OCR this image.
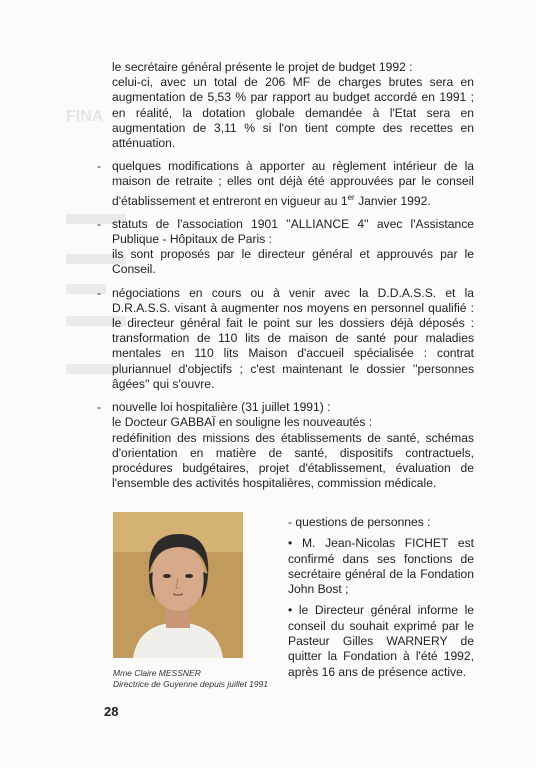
FINA

le secrétaire général présente le projet de budget 1992 :

celui-ci, avec un total de 206 MF de charges brutes sera en augmentation de 5,53 % par rapport au budget accordé en 1991 ; en réalité, la dotation globale demandée à l'Etat sera en augmentation de 3,11 % si l'on tient compte des recettes en atténuation.

- quelques modifications à apporter au règlement intérieur de la maison de retraite ; elles ont déjà été approuvées par le conseil d'établissement et entreront en vigueur au 1er Janvier 1992.

- statuts de l'association 1901 ''ALLIANCE 4'' avec l'Assistance Publique - Hôpitaux de Paris :

ils sont proposés par le directeur général et approuvés par le Conseil.

- négociations en cours ou à venir avec la D.D.A.S.S. et la D.R.A.S.S. visant à augmenter nos moyens en personnel qualifié : le directeur général fait le point sur les dossiers déjà déposés : transformation de 110 lits de maison de santé pour maladies mentales en 110 lits Maison d'accueil spécialisée : contrat pluriannuel d'objectifs ; c'est maintenant le dossier ''personnes âgées'' qui s'ouvre.

- nouvelle loi hospitalière (31 juillet 1991) :

le Docteur GABBAÏ en souligne les nouveautés :

redéfinition des missions des établissements de santé, schémas d'orientation en matière de santé, dispositifs contractuels, procédures budgétaires, projet d'établissement, évaluation de l'ensemble des activités hospitalières, commission médicale.

Mme Claire MESSNER
Directrice de Guyenne depuis juillet 1991

- questions de personnes :

• M. Jean-Nicolas FICHET est confirmé dans ses fonctions de secrétaire général de la Fondation John Bost ;

• le Directeur général informe le conseil du souhait exprimé par le Pasteur Gilles WARNERY de quitter la Fondation à l'été 1992, après 16 ans de présence active.

28
